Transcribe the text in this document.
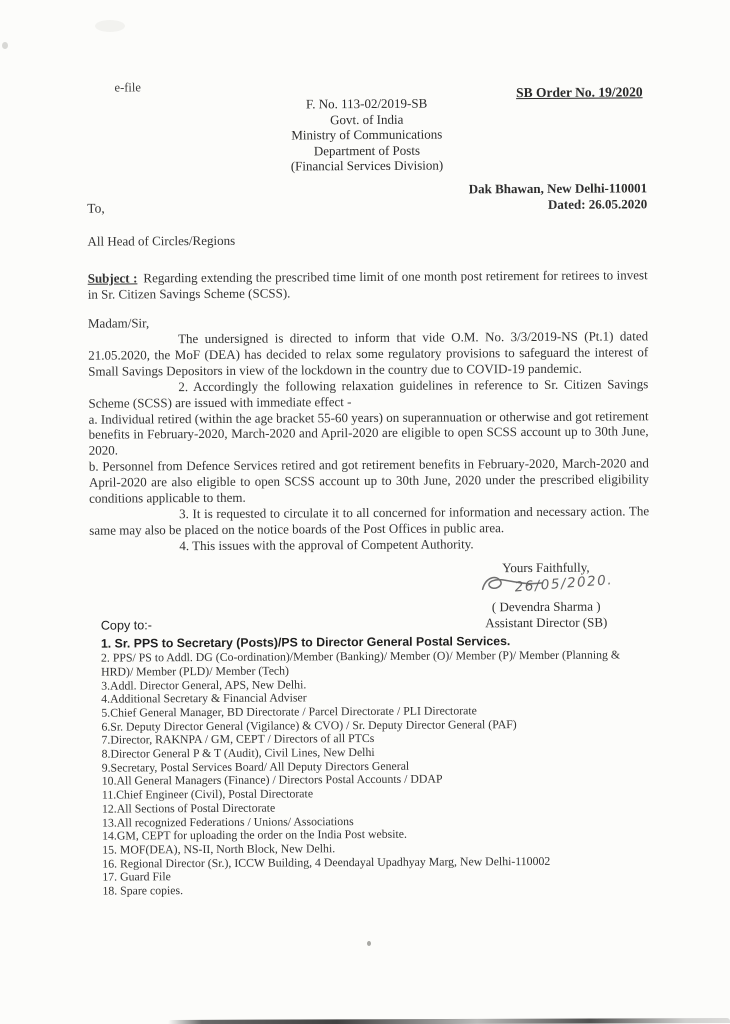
e-file	SB Order No. 19/2020
F. No. 113-02/2019-SB
Govt. of India
Ministry of Communications
Department of Posts
(Financial Services Division)
Dak Bhawan, New Delhi-110001
Dated: 26.05.2020
To,
All Head of Circles/Regions
Subject : Regarding extending the prescribed time limit of one month post retirement for retirees to invest in Sr. Citizen Savings Scheme (SCSS).
Madam/Sir,

The undersigned is directed to inform that vide O.M. No. 3/3/2019-NS (Pt.1) dated 21.05.2020, the MoF (DEA) has decided to relax some regulatory provisions to safeguard the interest of Small Savings Depositors in view of the lockdown in the country due to COVID-19 pandemic.

2. Accordingly the following relaxation guidelines in reference to Sr. Citizen Savings Scheme (SCSS) are issued with immediate effect -

a. Individual retired (within the age bracket 55-60 years) on superannuation or otherwise and got retirement benefits in February-2020, March-2020 and April-2020 are eligible to open SCSS account up to 30th June, 2020.

b. Personnel from Defence Services retired and got retirement benefits in February-2020, March-2020 and April-2020 are also eligible to open SCSS account up to 30th June, 2020 under the prescribed eligibility conditions applicable to them.

3. It is requested to circulate it to all concerned for information and necessary action. The same may also be placed on the notice boards of the Post Offices in public area.

4. This issues with the approval of Competent Authority.

Yours Faithfully,
26/05/2020.
( Devendra Sharma )
Assistant Director (SB)
Copy to:-
1. Sr. PPS to Secretary (Posts)/PS to Director General Postal Services.
2. PPS/ PS to Addl. DG (Co-ordination)/Member (Banking)/ Member (O)/ Member (P)/ Member (Planning & HRD)/ Member (PLD)/ Member (Tech)
3.Addl. Director General, APS, New Delhi.
4.Additional Secretary & Financial Adviser
5.Chief General Manager, BD Directorate / Parcel Directorate / PLI Directorate
6.Sr. Deputy Director General (Vigilance) & CVO) / Sr. Deputy Director General (PAF)
7.Director, RAKNPA / GM, CEPT / Directors of all PTCs
8.Director General P & T (Audit), Civil Lines, New Delhi
9.Secretary, Postal Services Board/ All Deputy Directors General
10.All General Managers (Finance) / Directors Postal Accounts / DDAP
11.Chief Engineer (Civil), Postal Directorate
12.All Sections of Postal Directorate
13.All recognized Federations / Unions/ Associations
14.GM, CEPT for uploading the order on the India Post website.
15. MOF(DEA), NS-II, North Block, New Delhi.
16. Regional Director (Sr.), ICCW Building, 4 Deendayal Upadhyay Marg, New Delhi-110002
17. Guard File
18. Spare copies.
